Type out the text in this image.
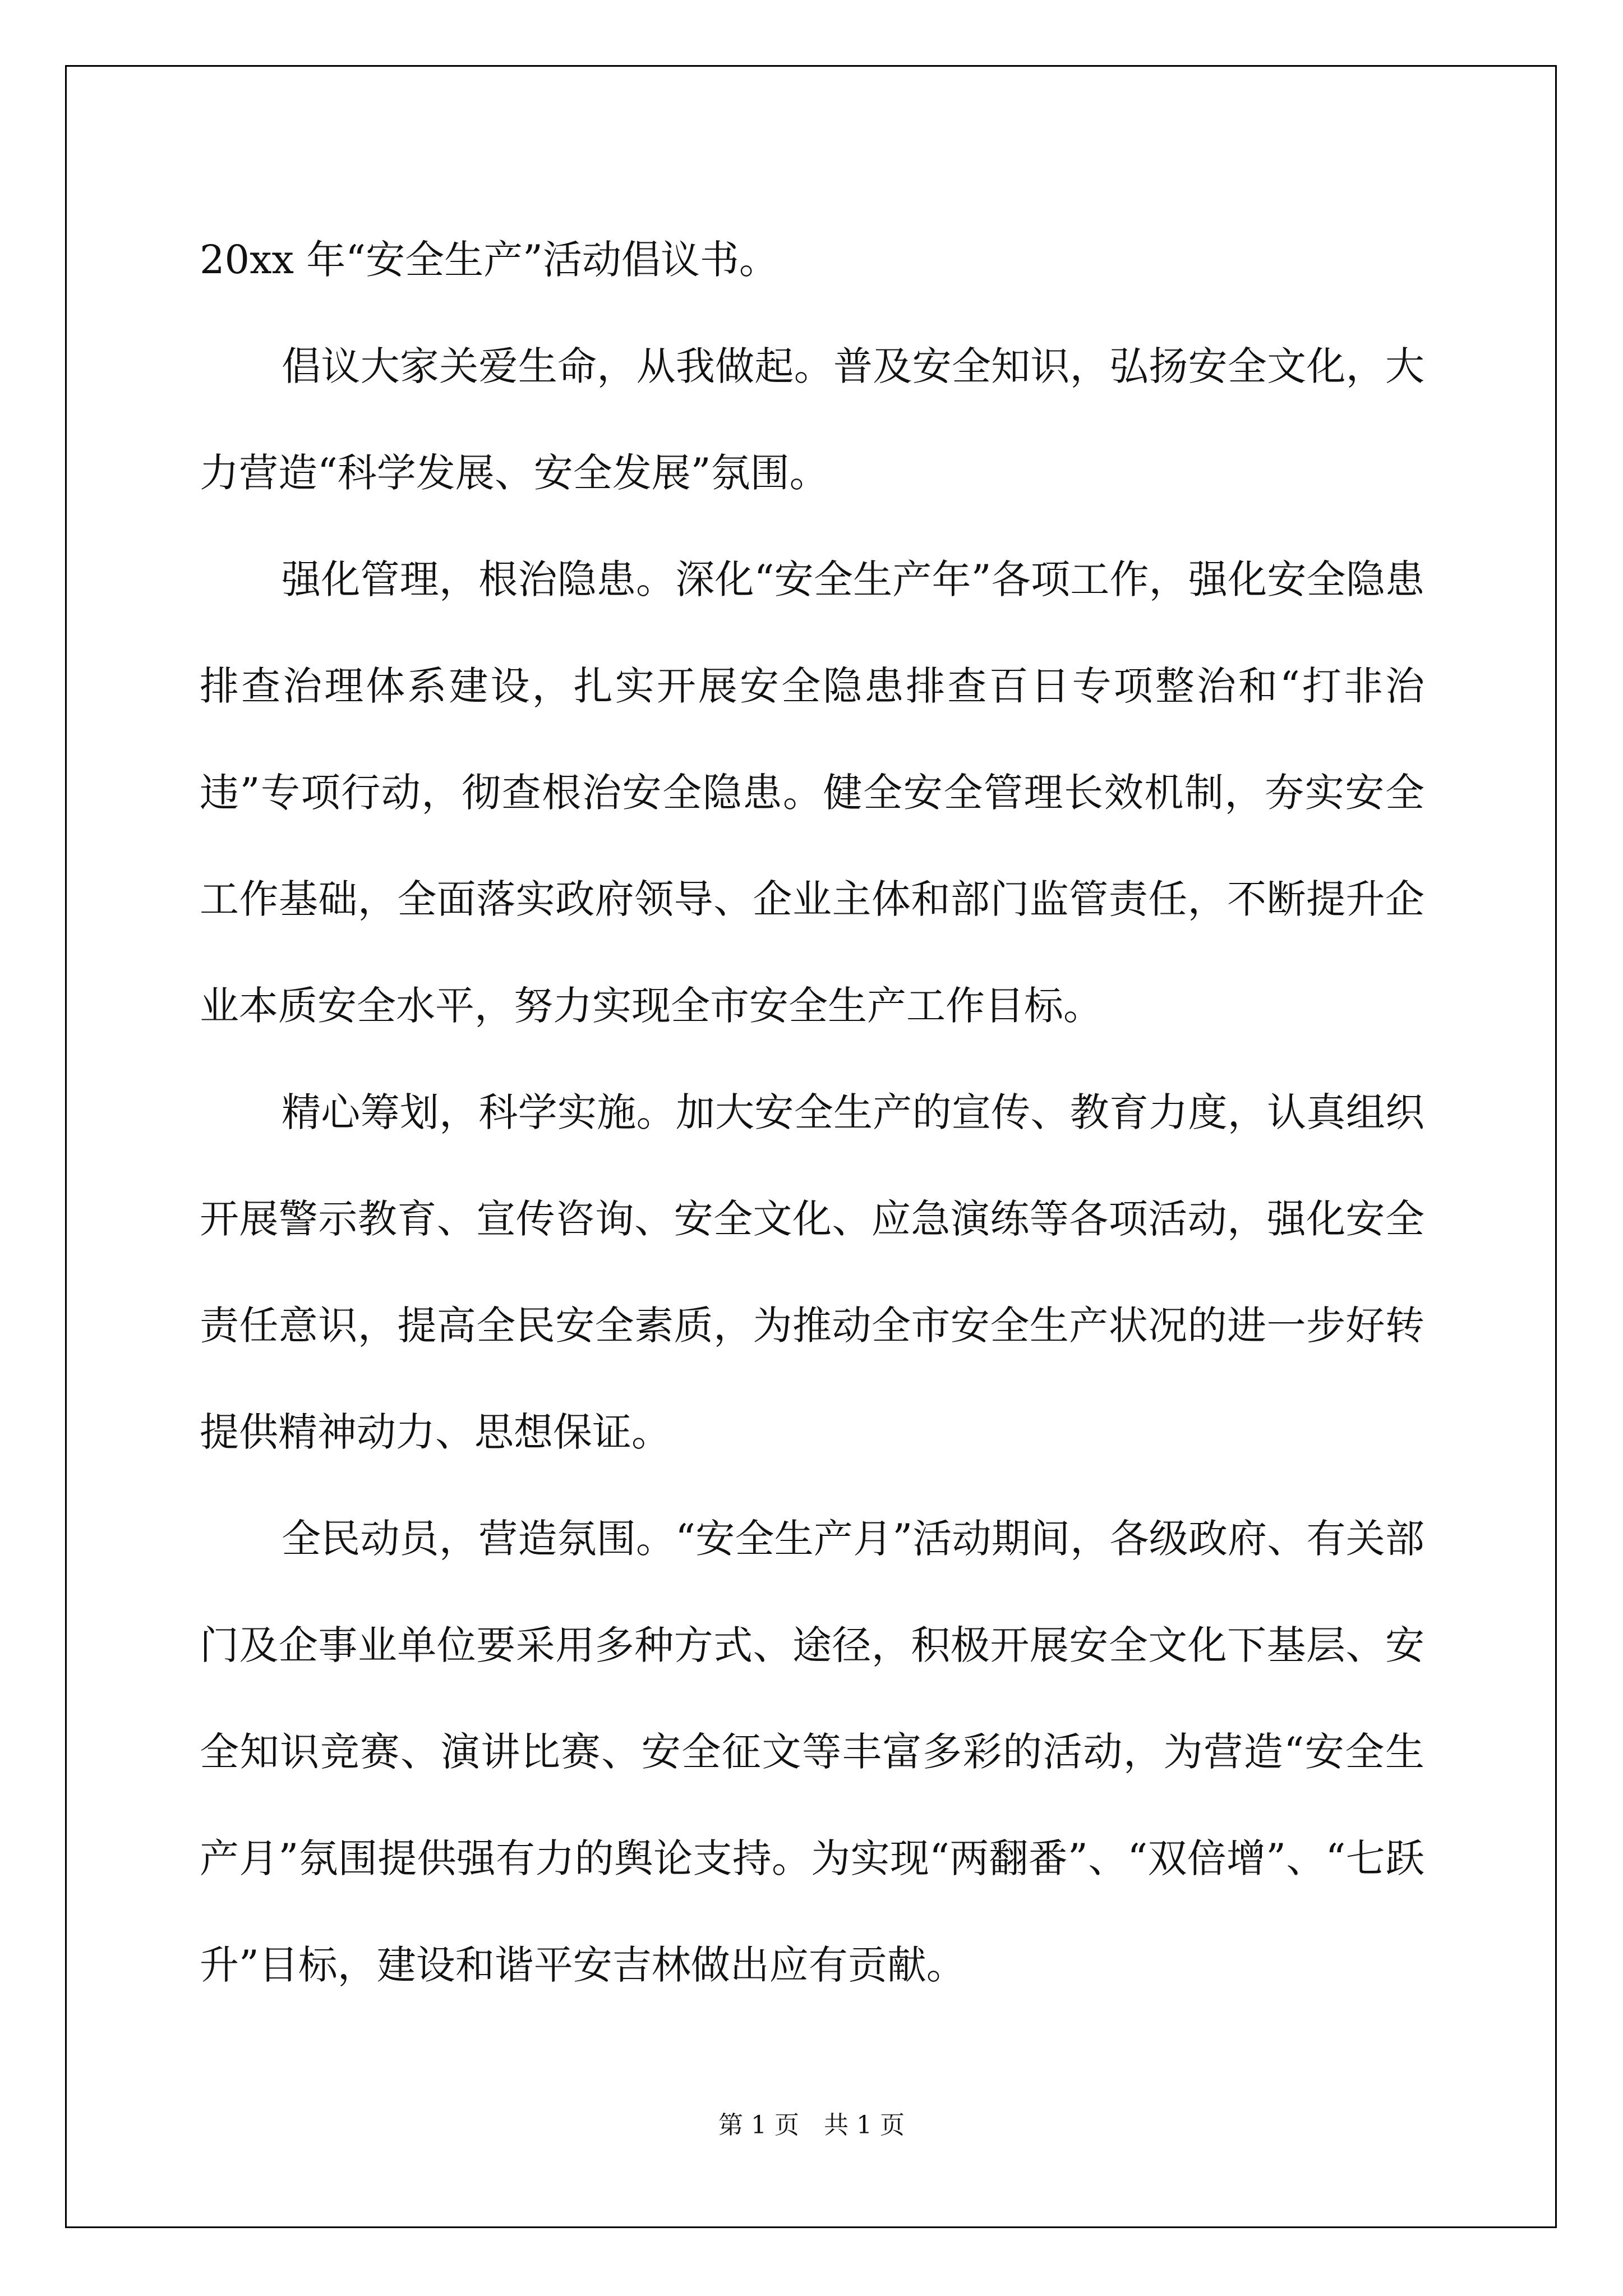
20xx 年“安全生产”活动倡议书。

倡议大家关爱生命，从我做起。普及安全知识，弘扬安全文化，大力营造“科学发展、安全发展”氛围。

强化管理，根治隐患。深化“安全生产年”各项工作，强化安全隐患排查治理体系建设，扎实开展安全隐患排查百日专项整治和“打非治违”专项行动，彻查根治安全隐患。健全安全管理长效机制，夯实安全工作基础，全面落实政府领导、企业主体和部门监管责任，不断提升企业本质安全水平，努力实现全市安全生产工作目标。

精心筹划，科学实施。加大安全生产的宣传、教育力度，认真组织开展警示教育、宣传咨询、安全文化、应急演练等各项活动，强化安全责任意识，提高全民安全素质，为推动全市安全生产状况的进一步好转提供精神动力、思想保证。

全民动员，营造氛围。“安全生产月”活动期间，各级政府、有关部门及企事业单位要采用多种方式、途径，积极开展安全文化下基层、安全知识竞赛、演讲比赛、安全征文等丰富多彩的活动，为营造“安全生产月”氛围提供强有力的舆论支持。为实现“两翻番”、“双倍增”、“七跃升”目标，建设和谐平安吉林做出应有贡献。

第 1 页　共 1 页
